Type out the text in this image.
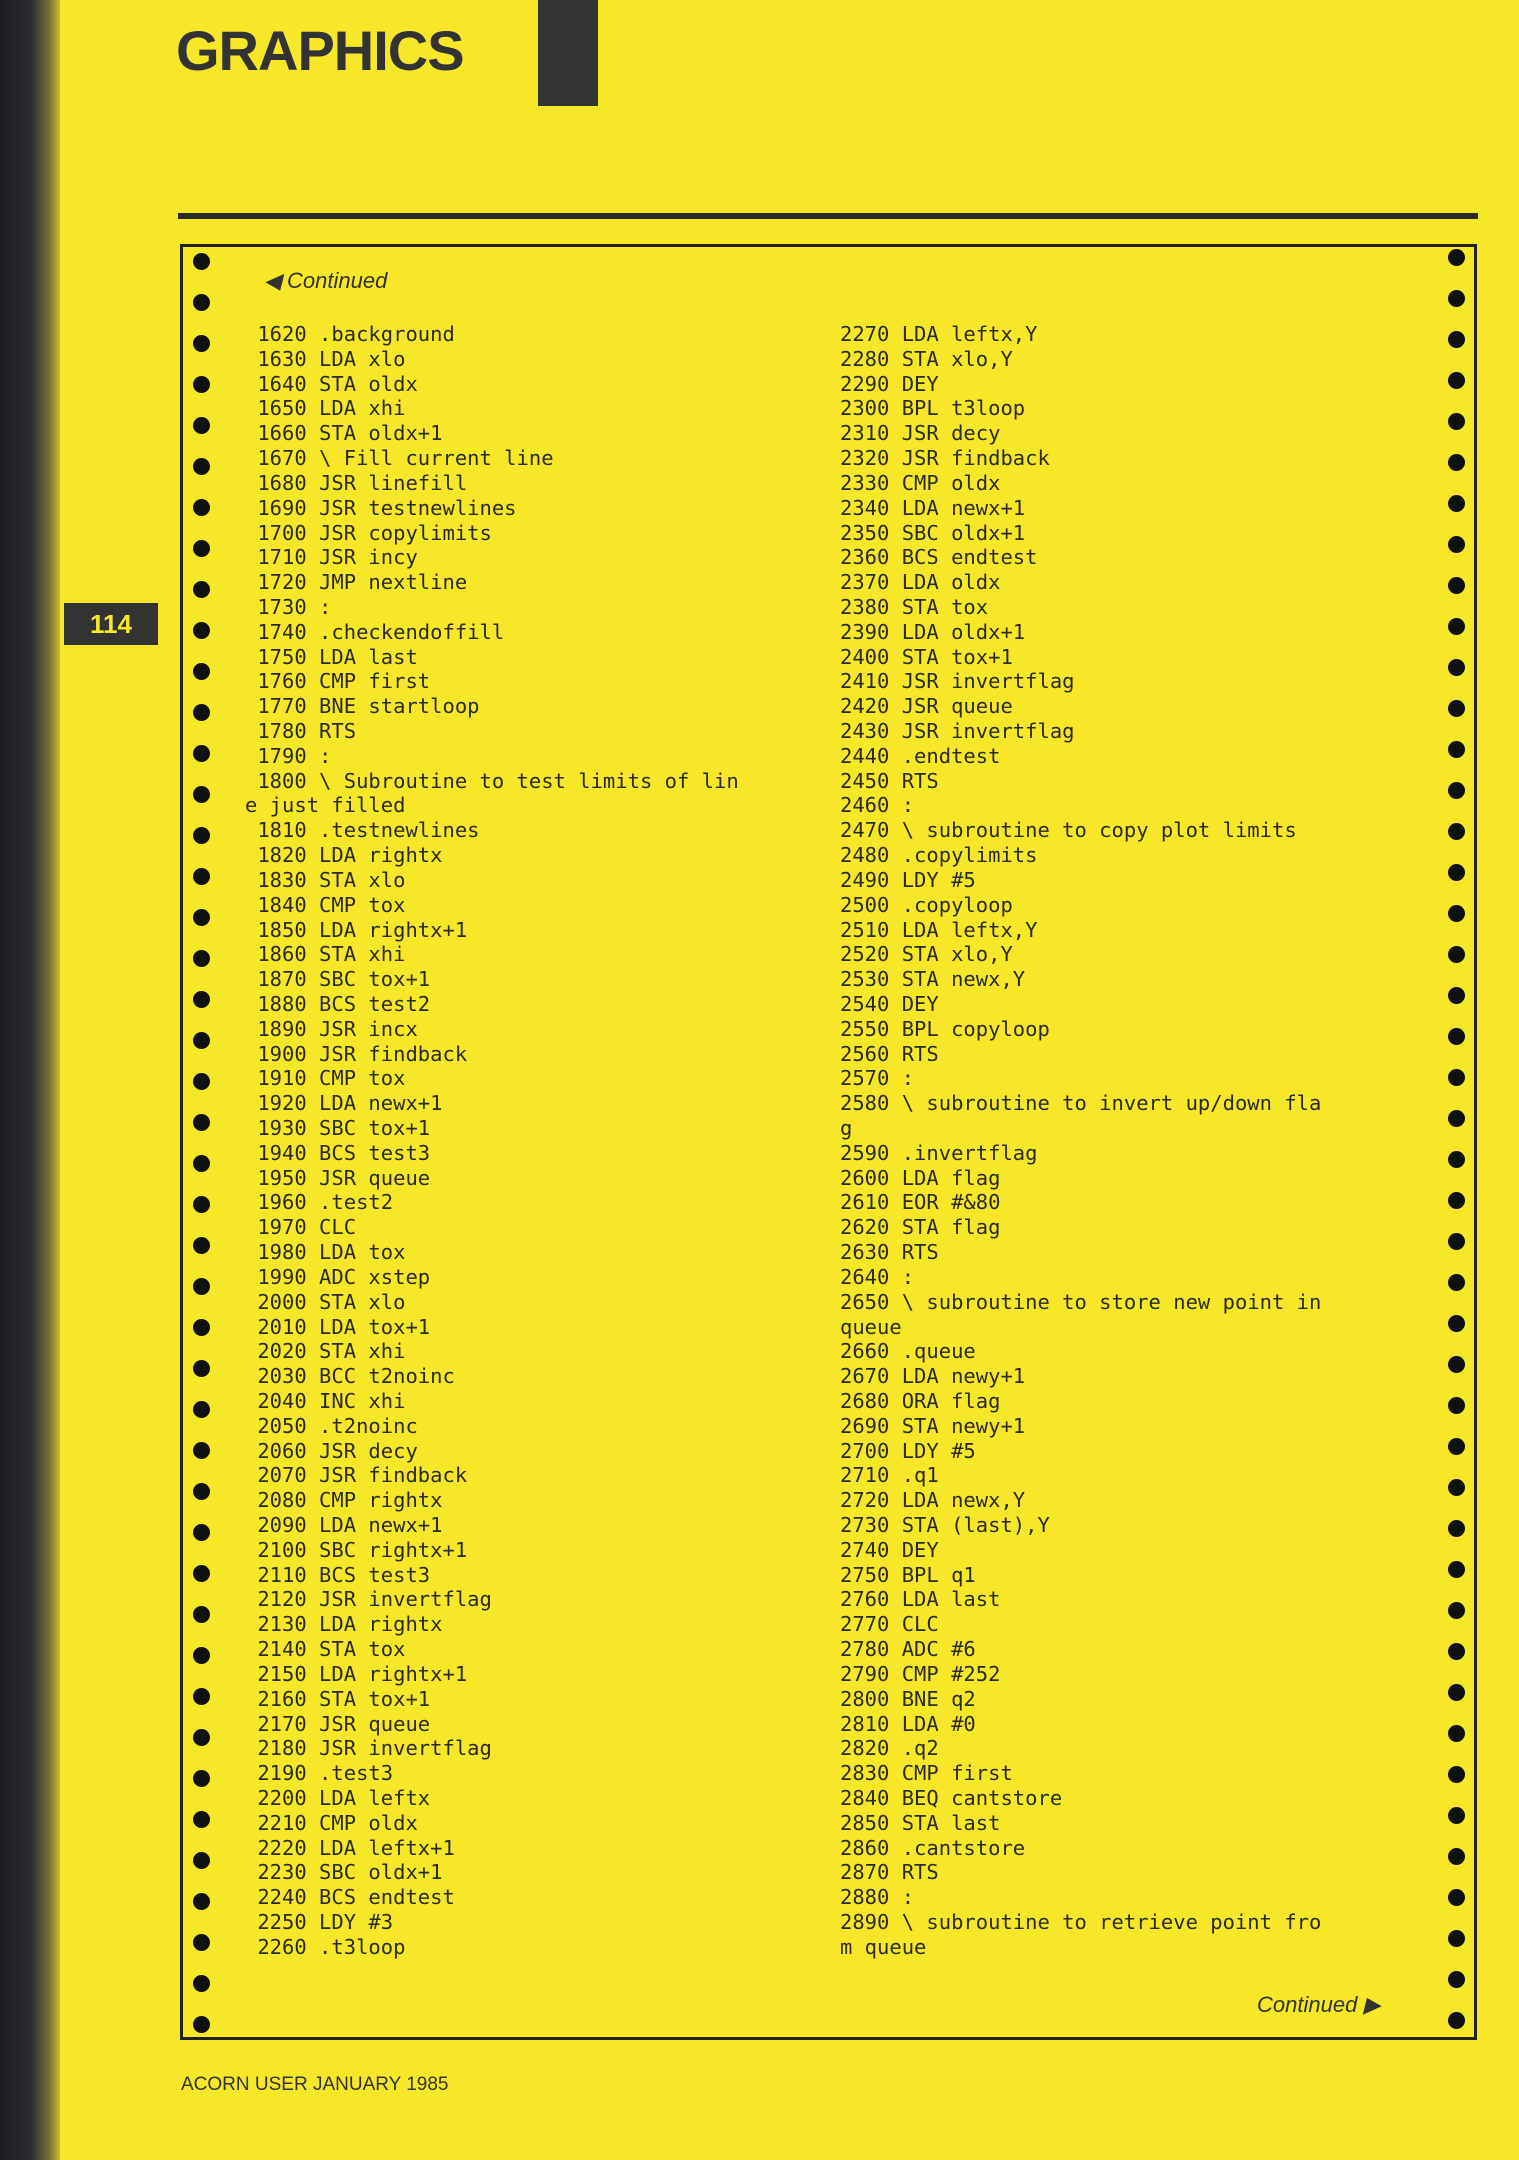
GRAPHICS
114
◀ Continued
1620 .background
1630 LDA xlo
1640 STA oldx
1650 LDA xhi
1660 STA oldx+1
1670 \ Fill current line
1680 JSR linefill
1690 JSR testnewlines
1700 JSR copylimits
1710 JSR incy
1720 JMP nextline
1730 :
1740 .checkendoffill
1750 LDA last
1760 CMP first
1770 BNE startloop
1780 RTS
1790 :
1800 \ Subroutine to test limits of lin
e just filled
1810 .testnewlines
1820 LDA rightx
1830 STA xlo
1840 CMP tox
1850 LDA rightx+1
1860 STA xhi
1870 SBC tox+1
1880 BCS test2
1890 JSR incx
1900 JSR findback
1910 CMP tox
1920 LDA newx+1
1930 SBC tox+1
1940 BCS test3
1950 JSR queue
1960 .test2
1970 CLC
1980 LDA tox
1990 ADC xstep
2000 STA xlo
2010 LDA tox+1
2020 STA xhi
2030 BCC t2noinc
2040 INC xhi
2050 .t2noinc
2060 JSR decy
2070 JSR findback
2080 CMP rightx
2090 LDA newx+1
2100 SBC rightx+1
2110 BCS test3
2120 JSR invertflag
2130 LDA rightx
2140 STA tox
2150 LDA rightx+1
2160 STA tox+1
2170 JSR queue
2180 JSR invertflag
2190 .test3
2200 LDA leftx
2210 CMP oldx
2220 LDA leftx+1
2230 SBC oldx+1
2240 BCS endtest
2250 LDY #3
2260 .t3loop
2270 LDA leftx,Y
2280 STA xlo,Y
2290 DEY
2300 BPL t3loop
2310 JSR decy
2320 JSR findback
2330 CMP oldx
2340 LDA newx+1
2350 SBC oldx+1
2360 BCS endtest
2370 LDA oldx
2380 STA tox
2390 LDA oldx+1
2400 STA tox+1
2410 JSR invertflag
2420 JSR queue
2430 JSR invertflag
2440 .endtest
2450 RTS
2460 :
2470 \ subroutine to copy plot limits
2480 .copylimits
2490 LDY #5
2500 .copyloop
2510 LDA leftx,Y
2520 STA xlo,Y
2530 STA newx,Y
2540 DEY
2550 BPL copyloop
2560 RTS
2570 :
2580 \ subroutine to invert up/down fla
g
2590 .invertflag
2600 LDA flag
2610 EOR #&80
2620 STA flag
2630 RTS
2640 :
2650 \ subroutine to store new point in
queue
2660 .queue
2670 LDA newy+1
2680 ORA flag
2690 STA newy+1
2700 LDY #5
2710 .q1
2720 LDA newx,Y
2730 STA (last),Y
2740 DEY
2750 BPL q1
2760 LDA last
2770 CLC
2780 ADC #6
2790 CMP #252
2800 BNE q2
2810 LDA #0
2820 .q2
2830 CMP first
2840 BEQ cantstore
2850 STA last
2860 .cantstore
2870 RTS
2880 :
2890 \ subroutine to retrieve point fro
m queue
Continued ▶
ACORN USER JANUARY 1985
